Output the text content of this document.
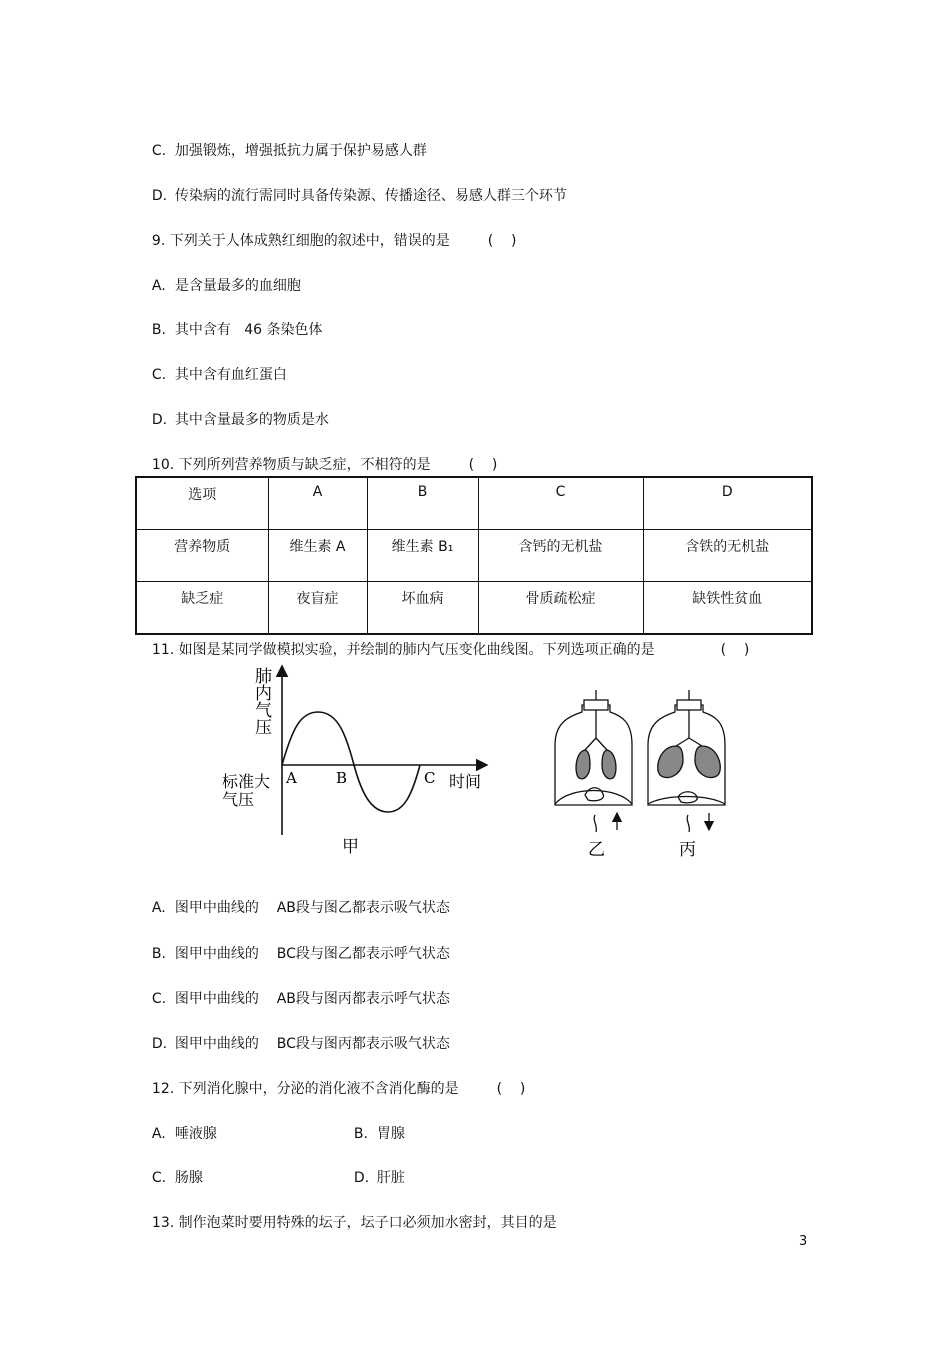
C. 加强锻炼，增强抵抗力属于保护易感人群

D. 传染病的流行需同时具备传染源、传播途径、易感人群三个环节

9. 下列关于人体成熟红细胞的叙述中，错误的是	(    )

A. 是含量最多的血细胞

B. 其中含有   46 条染色体

C. 其中含有血红蛋白

D. 其中含量最多的物质是水

10. 下列所列营养物质与缺乏症，不相符的是	(    )

选项	A	B	C	D
营养物质	维生素 A	维生素 B₁	含钙的无机盐	含铁的无机盐
缺乏症	夜盲症	坏血病	骨质疏松症	缺铁性贫血

11. 如图是某同学做模拟实验，并绘制的肺内气压变化曲线图。下列选项正确的是	(    )

肺
内
气
压
标准大
气压
时间
A	B	C
甲	乙	丙

A. 图甲中曲线的    AB段与图乙都表示吸气状态

B. 图甲中曲线的    BC段与图乙都表示呼气状态

C. 图甲中曲线的    AB段与图丙都表示呼气状态

D. 图甲中曲线的    BC段与图丙都表示吸气状态

12. 下列消化腺中，分泌的消化液不含消化酶的是	(    )

A. 唾液腺	B. 胃腺

C. 肠腺	D. 肝脏

13. 制作泡菜时要用特殊的坛子，坛子口必须加水密封，其目的是

3
